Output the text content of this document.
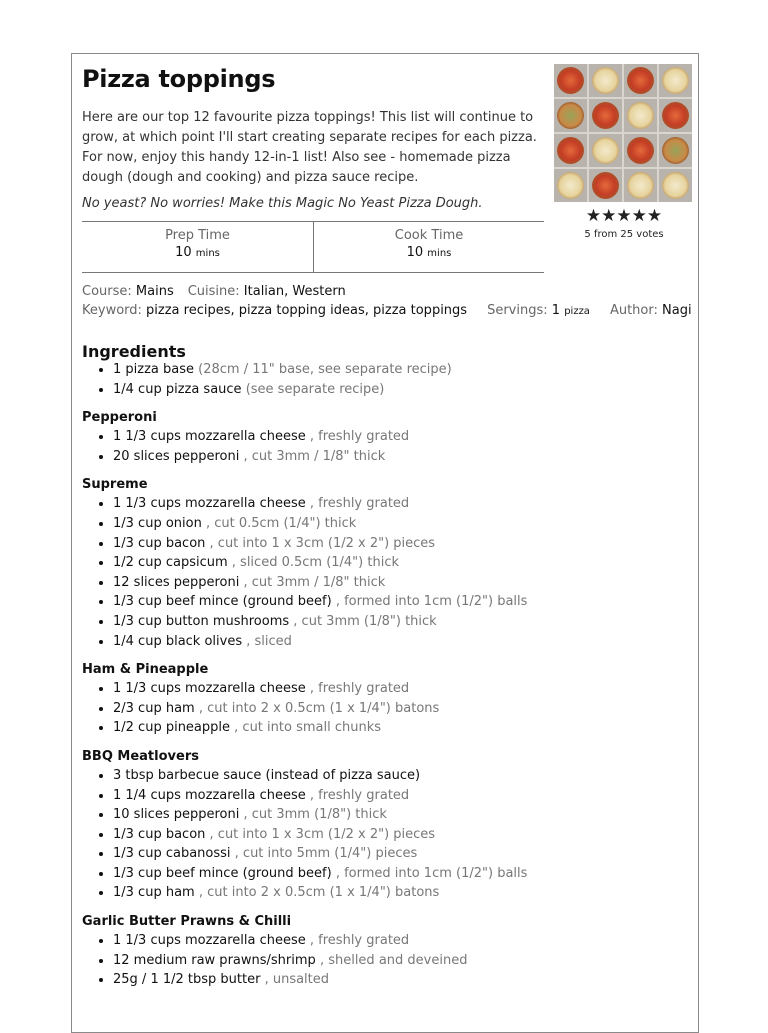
Pizza toppings

Here are our top 12 favourite pizza toppings! This list will continue to grow, at which point I'll start creating separate recipes for each pizza. For now, enjoy this handy 12-in-1 list! Also see - homemade pizza dough (dough and cooking) and pizza sauce recipe.

No yeast? No worries! Make this Magic No Yeast Pizza Dough.

★★★★★
5 from 25 votes
Prep Time
10 mins
Cook Time
10 mins
Course: Mains Cuisine: Italian, Western
Keyword: pizza recipes, pizza topping ideas, pizza toppings Servings: 1 pizza Author: Nagi
Ingredients
• 1 pizza base (28cm / 11" base, see separate recipe)
• 1/4 cup pizza sauce (see separate recipe)
Pepperoni
• 1 1/3 cups mozzarella cheese , freshly grated
• 20 slices pepperoni , cut 3mm / 1/8" thick
Supreme
• 1 1/3 cups mozzarella cheese , freshly grated
• 1/3 cup onion , cut 0.5cm (1/4") thick
• 1/3 cup bacon , cut into 1 x 3cm (1/2 x 2") pieces
• 1/2 cup capsicum , sliced 0.5cm (1/4") thick
• 12 slices pepperoni , cut 3mm / 1/8" thick
• 1/3 cup beef mince (ground beef) , formed into 1cm (1/2") balls
• 1/3 cup button mushrooms , cut 3mm (1/8") thick
• 1/4 cup black olives , sliced
Ham & Pineapple
• 1 1/3 cups mozzarella cheese , freshly grated
• 2/3 cup ham , cut into 2 x 0.5cm (1 x 1/4") batons
• 1/2 cup pineapple , cut into small chunks
BBQ Meatlovers
• 3 tbsp barbecue sauce (instead of pizza sauce)
• 1 1/4 cups mozzarella cheese , freshly grated
• 10 slices pepperoni , cut 3mm (1/8") thick
• 1/3 cup bacon , cut into 1 x 3cm (1/2 x 2") pieces
• 1/3 cup cabanossi , cut into 5mm (1/4") pieces
• 1/3 cup beef mince (ground beef) , formed into 1cm (1/2") balls
• 1/3 cup ham , cut into 2 x 0.5cm (1 x 1/4") batons
Garlic Butter Prawns & Chilli
• 1 1/3 cups mozzarella cheese , freshly grated
• 12 medium raw prawns/shrimp , shelled and deveined
• 25g / 1 1/2 tbsp butter , unsalted
